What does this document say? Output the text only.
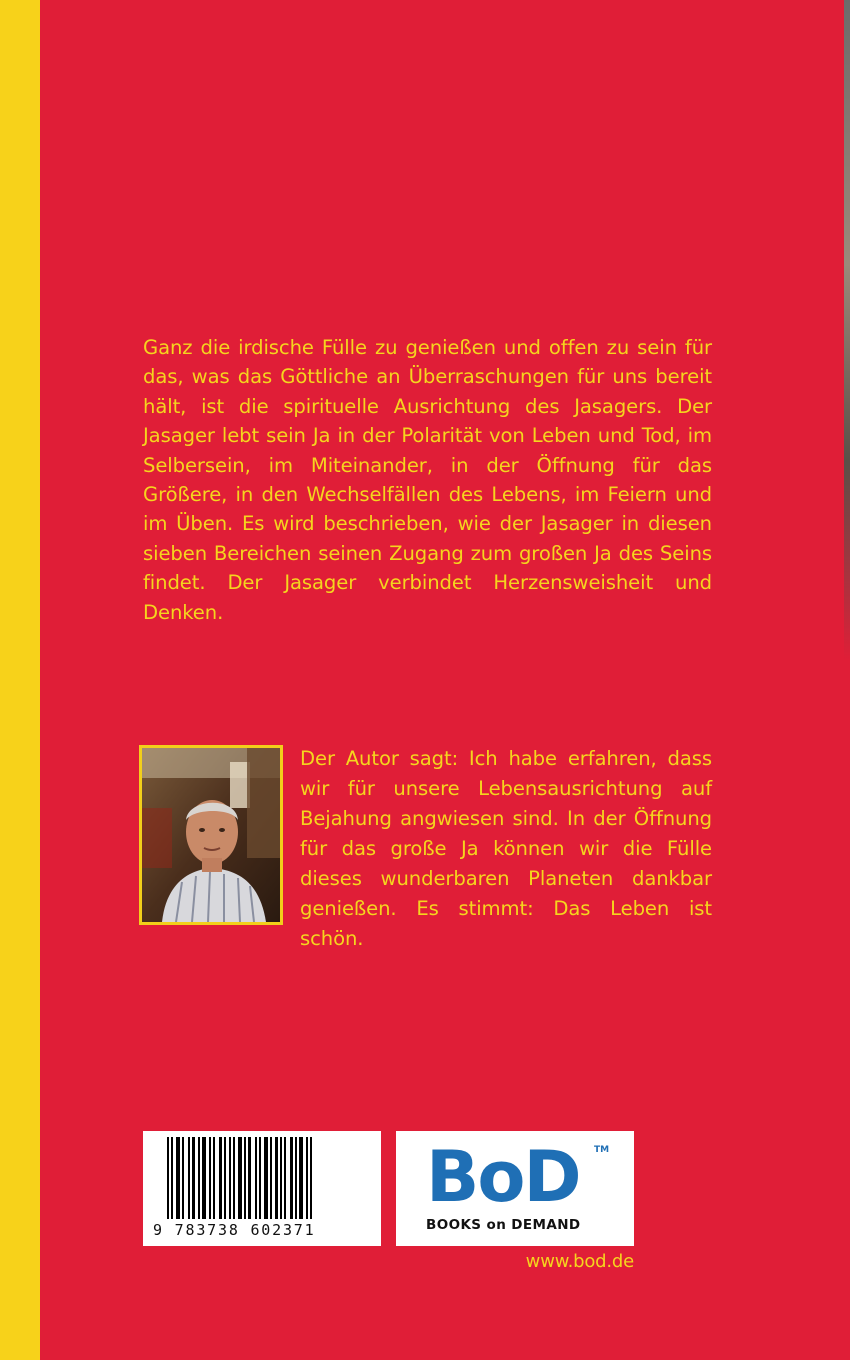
Ganz die irdische Fülle zu genießen und offen zu sein für das, was das Göttliche an Überraschungen für uns bereit hält, ist die spirituelle Ausrichtung des Jasagers. Der Jasager lebt sein Ja in der Polarität von Leben und Tod, im Selbersein, im Miteinander, in der Öffnung für das Größere, in den Wechselfällen des Lebens, im Feiern und im Üben. Es wird beschrieben, wie der Jasager in diesen sieben Bereichen seinen Zugang zum großen Ja des Seins findet. Der Jasager verbindet Herzensweisheit und Denken.

Der Autor sagt: Ich habe erfahren, dass wir für unsere Lebensausrichtung auf Bejahung angwiesen sind. In der Öffnung für das große Ja können wir die Fülle dieses wunderbaren Planeten dankbar genießen. Es stimmt: Das Leben ist schön.

9 783738 602371
BoD TM
BOOKS on DEMAND
www.bod.de
